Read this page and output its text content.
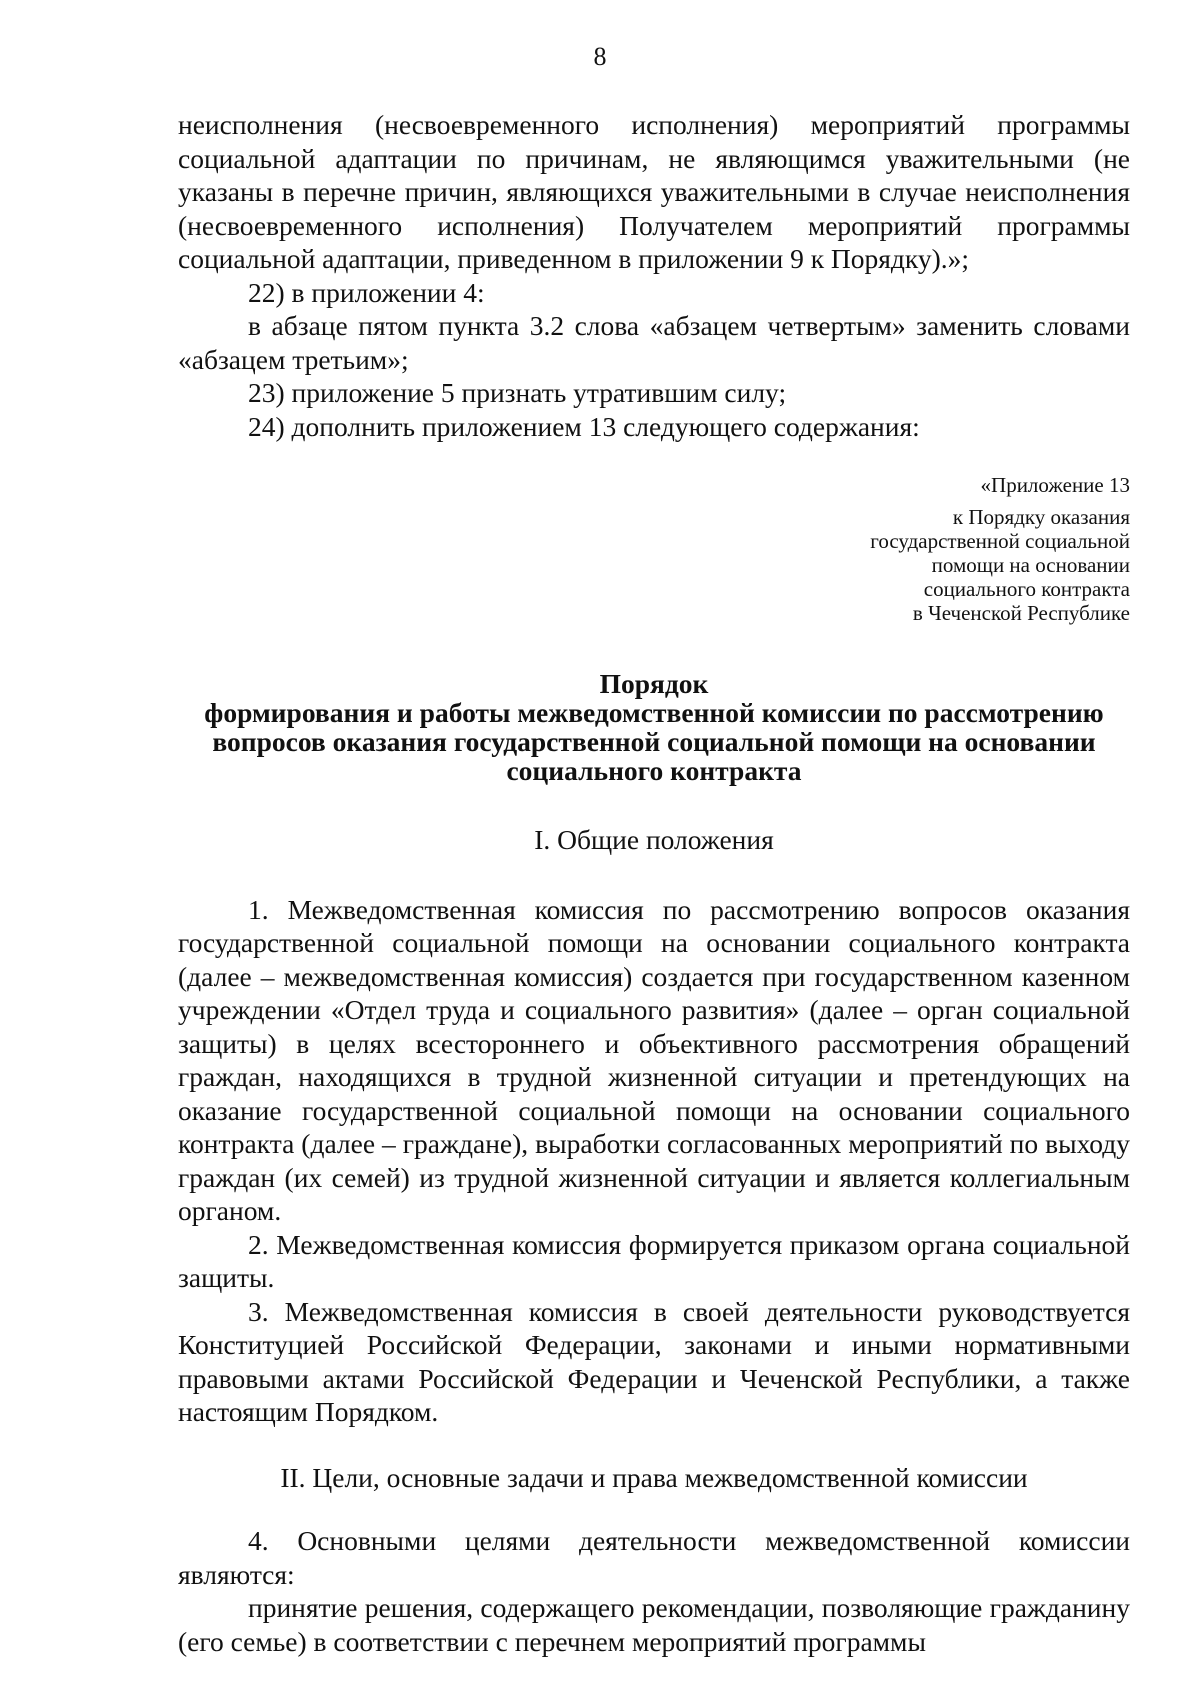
8

неисполнения (несвоевременного исполнения) мероприятий программы социальной адаптации по причинам, не являющимся уважительными (не указаны в перечне причин, являющихся уважительными в случае неисполнения (несвоевременного исполнения) Получателем мероприятий программы социальной адаптации, приведенном в приложении 9 к Порядку).»;

22) в приложении 4:

в абзаце пятом пункта 3.2 слова «абзацем четвертым» заменить словами «абзацем третьим»;

23) приложение 5 признать утратившим силу;

24) дополнить приложением 13 следующего содержания:

«Приложение 13
к Порядку оказания
государственной социальной
помощи на основании
социального контракта
в Чеченской Республике
Порядок
формирования и работы межведомственной комиссии по рассмотрению
вопросов оказания государственной социальной помощи на основании
социального контракта
I. Общие положения

1. Межведомственная комиссия по рассмотрению вопросов оказания государственной социальной помощи на основании социального контракта (далее – межведомственная комиссия) создается при государственном казенном учреждении «Отдел труда и социального развития» (далее – орган социальной защиты) в целях всестороннего и объективного рассмотрения обращений граждан, находящихся в трудной жизненной ситуации и претендующих на оказание государственной социальной помощи на основании социального контракта (далее – граждане), выработки согласованных мероприятий по выходу граждан (их семей) из трудной жизненной ситуации и является коллегиальным органом.

2. Межведомственная комиссия формируется приказом органа социальной защиты.

3. Межведомственная комиссия в своей деятельности руководствуется Конституцией Российской Федерации, законами и иными нормативными правовыми актами Российской Федерации и Чеченской Республики, а также настоящим Порядком.

II. Цели, основные задачи и права межведомственной комиссии

4. Основными целями деятельности межведомственной комиссии являются:

принятие решения, содержащего рекомендации, позволяющие гражданину (его семье) в соответствии с перечнем мероприятий программы
